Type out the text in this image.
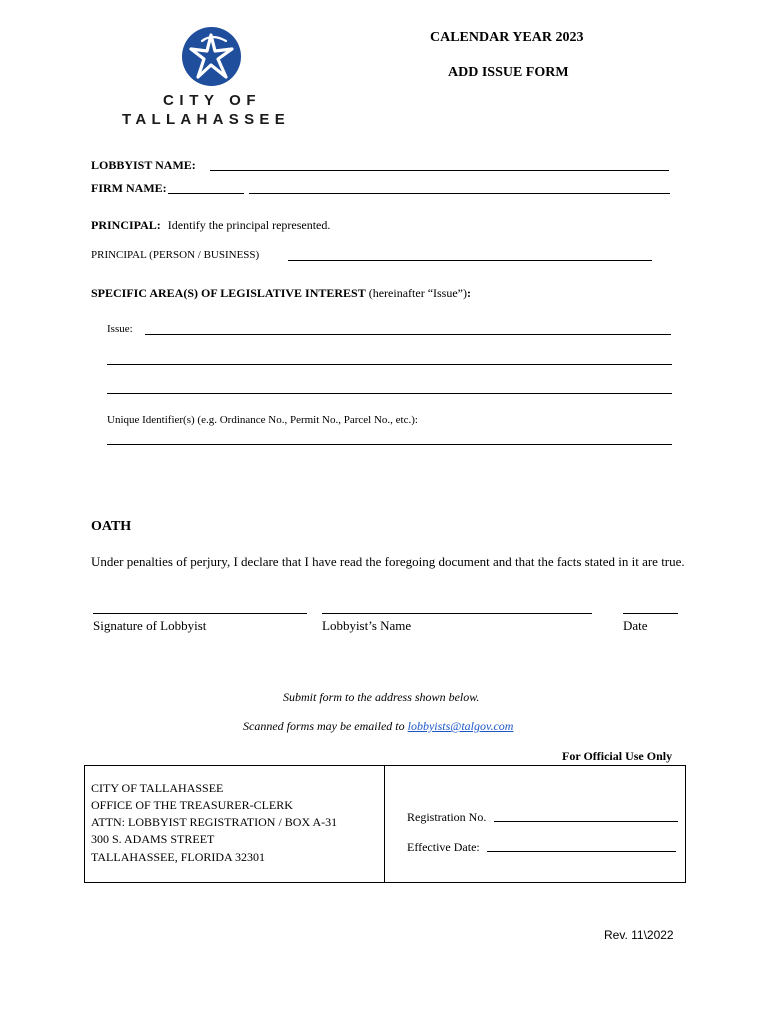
CITY OF
TALLAHASSEE
CALENDAR YEAR 2023
ADD ISSUE FORM
LOBBYIST NAME:
FIRM NAME:
PRINCIPAL: Identify the principal represented.
PRINCIPAL (PERSON / BUSINESS)
SPECIFIC AREA(S) OF LEGISLATIVE INTEREST (hereinafter “Issue”):
Issue:
Unique Identifier(s) (e.g. Ordinance No., Permit No., Parcel No., etc.):
OATH
Under penalties of perjury, I declare that I have read the foregoing document and that the facts stated in it are true.
Signature of Lobbyist	Lobbyist’s Name	Date
Submit form to the address shown below.
Scanned forms may be emailed to lobbyists@talgov.com
For Official Use Only
CITY OF TALLAHASSEE
OFFICE OF THE TREASURER-CLERK
ATTN: LOBBYIST REGISTRATION / BOX A-31
300 S. ADAMS STREET
TALLAHASSEE, FLORIDA 32301
Registration No.
Effective Date:
Rev. 11\2022
